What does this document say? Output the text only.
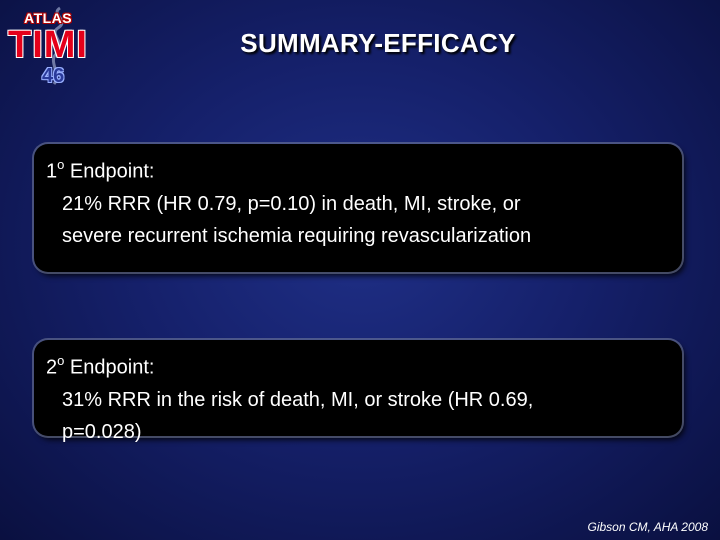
ATLAS
TIMI
46
SUMMARY-EFFICACY
1$^o$ Endpoint:
21% RRR (HR 0.79, p=0.10) in death, MI, stroke, or
severe recurrent ischemia requiring revascularization
2$^o$ Endpoint:
31% RRR in the risk of death, MI, or stroke (HR 0.69,
p=0.028)
Gibson CM, AHA 2008
